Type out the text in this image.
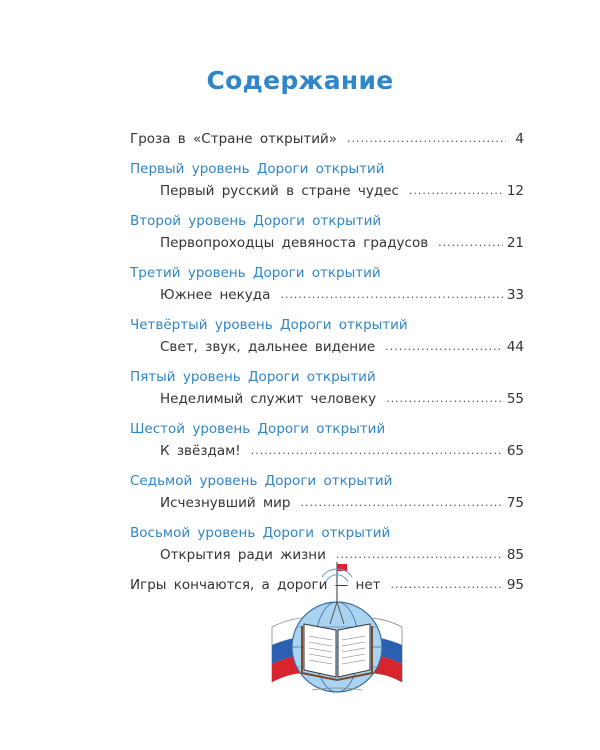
Содержание
Гроза в «Стране открытий» .....	4
Первый уровень Дороги открытий
Первый русский в стране чудес .....	12
Второй уровень Дороги открытий
Первопроходцы девяноста градусов .....	21
Третий уровень Дороги открытий
Южнее некуда .....	33
Четвёртый уровень Дороги открытий
Свет, звук, дальнее видение .....	44
Пятый уровень Дороги открытий
Неделимый служит человеку .....	55
Шестой уровень Дороги открытий
К звёздам! .....	65
Седьмой уровень Дороги открытий
Исчезнувший мир .....	75
Восьмой уровень Дороги открытий
Открытия ради жизни .....	85
Игры кончаются, а дороги — нет .....	95
